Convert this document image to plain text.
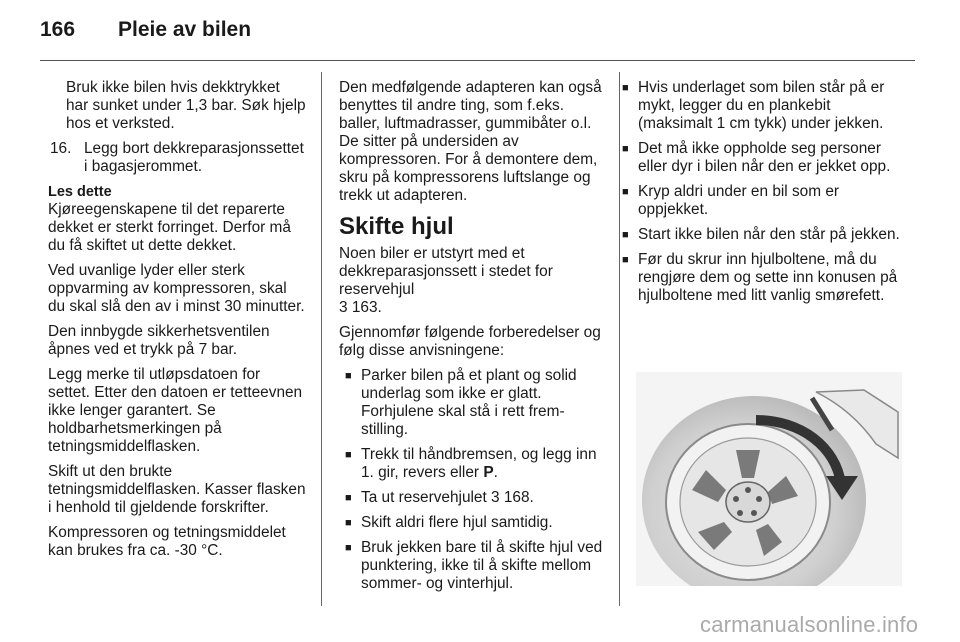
166	Pleie av bilen

Bruk ikke bilen hvis dekktrykket har sunket under 1,3 bar. Søk hjelp hos et verksted.

16. Legg bort dekkreparasjonssettet i bagasjerommet.

Les dette

Kjøreegenskapene til det reparerte dekket er sterkt forringet. Derfor må du få skiftet ut dette dekket.

Ved uvanlige lyder eller sterk oppvarming av kompressoren, skal du skal slå den av i minst 30 minutter.

Den innbygde sikkerhetsventilen åpnes ved et trykk på 7 bar.

Legg merke til utløpsdatoen for settet. Etter den datoen er tetteevnen ikke lenger garantert. Se holdbarhetsmerkingen på tetningsmiddelflasken.

Skift ut den brukte tetningsmiddelflasken. Kasser flasken i henhold til gjeldende forskrifter.

Kompressoren og tetningsmiddelet kan brukes fra ca. -30 °C.

Den medfølgende adapteren kan også benyttes til andre ting, som f.eks. baller, luftmadrasser, gummibåter o.l. De sitter på undersiden av kompressoren. For å demontere dem, skru på kompressorens luftslange og trekk ut adapteren.

Skifte hjul

Noen biler er utstyrt med et dekkreparasjonssett i stedet for reservehjul
3 163.

Gjennomfør følgende forberedelser og følg disse anvisningene:

■ Parker bilen på et plant og solid underlag som ikke er glatt. Forhjulene skal stå i rett frem-stilling.
■ Trekk til håndbremsen, og legg inn 1. gir, revers eller P.
■ Ta ut reservehjulet 3 168.
■ Skift aldri flere hjul samtidig.
■ Bruk jekken bare til å skifte hjul ved punktering, ikke til å skifte mellom sommer- og vinterhjul.
■ Hvis underlaget som bilen står på er mykt, legger du en plankebit (maksimalt 1 cm tykk) under jekken.
■ Det må ikke oppholde seg personer eller dyr i bilen når den er jekket opp.
■ Kryp aldri under en bil som er oppjekket.
■ Start ikke bilen når den står på jekken.
■ Før du skrur inn hjulboltene, må du rengjøre dem og sette inn konusen på hjulboltene med litt vanlig smørefett.
carmanualsonline.info
